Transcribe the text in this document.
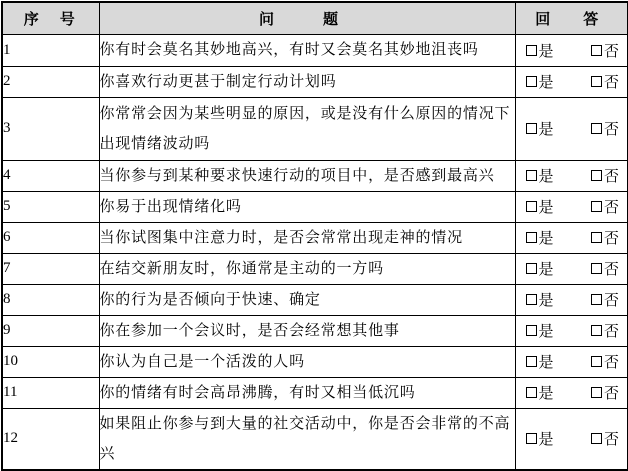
序　号	问　题	回　答
1	你有时会莫名其妙地高兴，有时又会莫名其妙地沮丧吗	是 否

2	你喜欢行动更甚于制定行动计划吗	是 否

3	你常常会因为某些明显的原因，或是没有什么原因的情况下出现情绪波动吗	是 否

4	当你参与到某种要求快速行动的项目中，是否感到最高兴	是 否

5	你易于出现情绪化吗	是 否

6	当你试图集中注意力时，是否会常常出现走神的情况	是 否

7	在结交新朋友时，你通常是主动的一方吗	是 否

8	你的行为是否倾向于快速、确定	是 否

9	你在参加一个会议时，是否会经常想其他事	是 否

10	你认为自己是一个活泼的人吗	是 否

11	你的情绪有时会高昂沸腾，有时又相当低沉吗	是 否

12	如果阻止你参与到大量的社交活动中，你是否会非常的不高兴	是 否
